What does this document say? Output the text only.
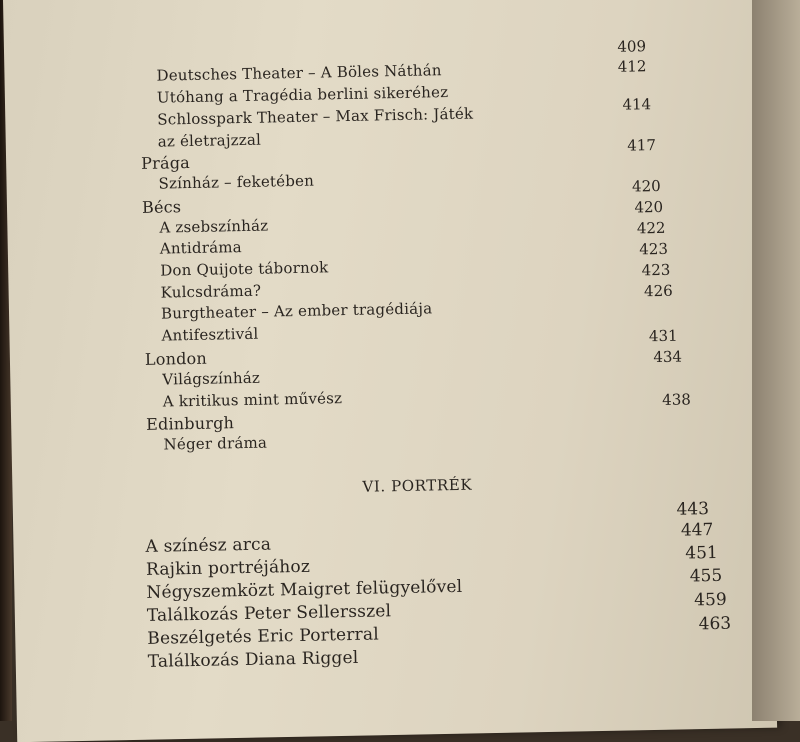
409
Deutsches Theater – A Böles Náthán	412
Utóhang a Tragédia berlini sikeréhez
Schlosspark Theater – Max Frisch: Játék
414
az életrajzzal
Prága
417
Színház – feketében
Bécs
420
A zsebszínház
420
Antidráma
422
Don Quijote tábornok
423
Kulcsdráma?
423
Burgtheater – Az ember tragédiája
426
Antifesztivál
London
431
Világszínház
434
A kritikus mint művész
Edinburgh
438
Néger dráma
VI. PORTRÉK
443
A színész arca
447
Rajkin portréjához
451
Négyszemközt Maigret felügyelővel
455
Találkozás Peter Sellersszel
459
Beszélgetés Eric Porterral
463
Találkozás Diana Riggel
